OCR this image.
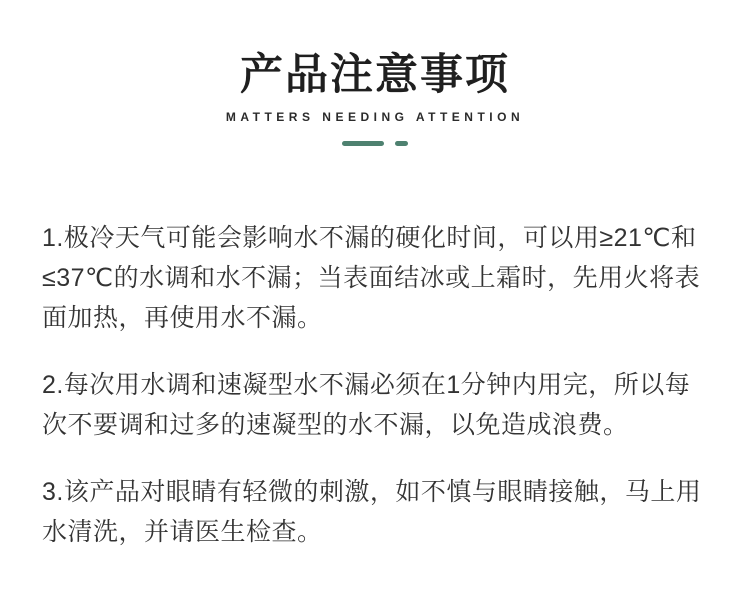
产品注意事项
MATTERS NEEDING ATTENTION

1.极冷天气可能会影响水不漏的硬化时间，可以用≥21℃和≤37℃的水调和水不漏；当表面结冰或上霜时，先用火将表面加热，再使用水不漏。

2.每次用水调和速凝型水不漏必须在1分钟内用完，所以每次不要调和过多的速凝型的水不漏，以免造成浪费。

3.该产品对眼睛有轻微的刺激，如不慎与眼睛接触，马上用水清洗，并请医生检查。
